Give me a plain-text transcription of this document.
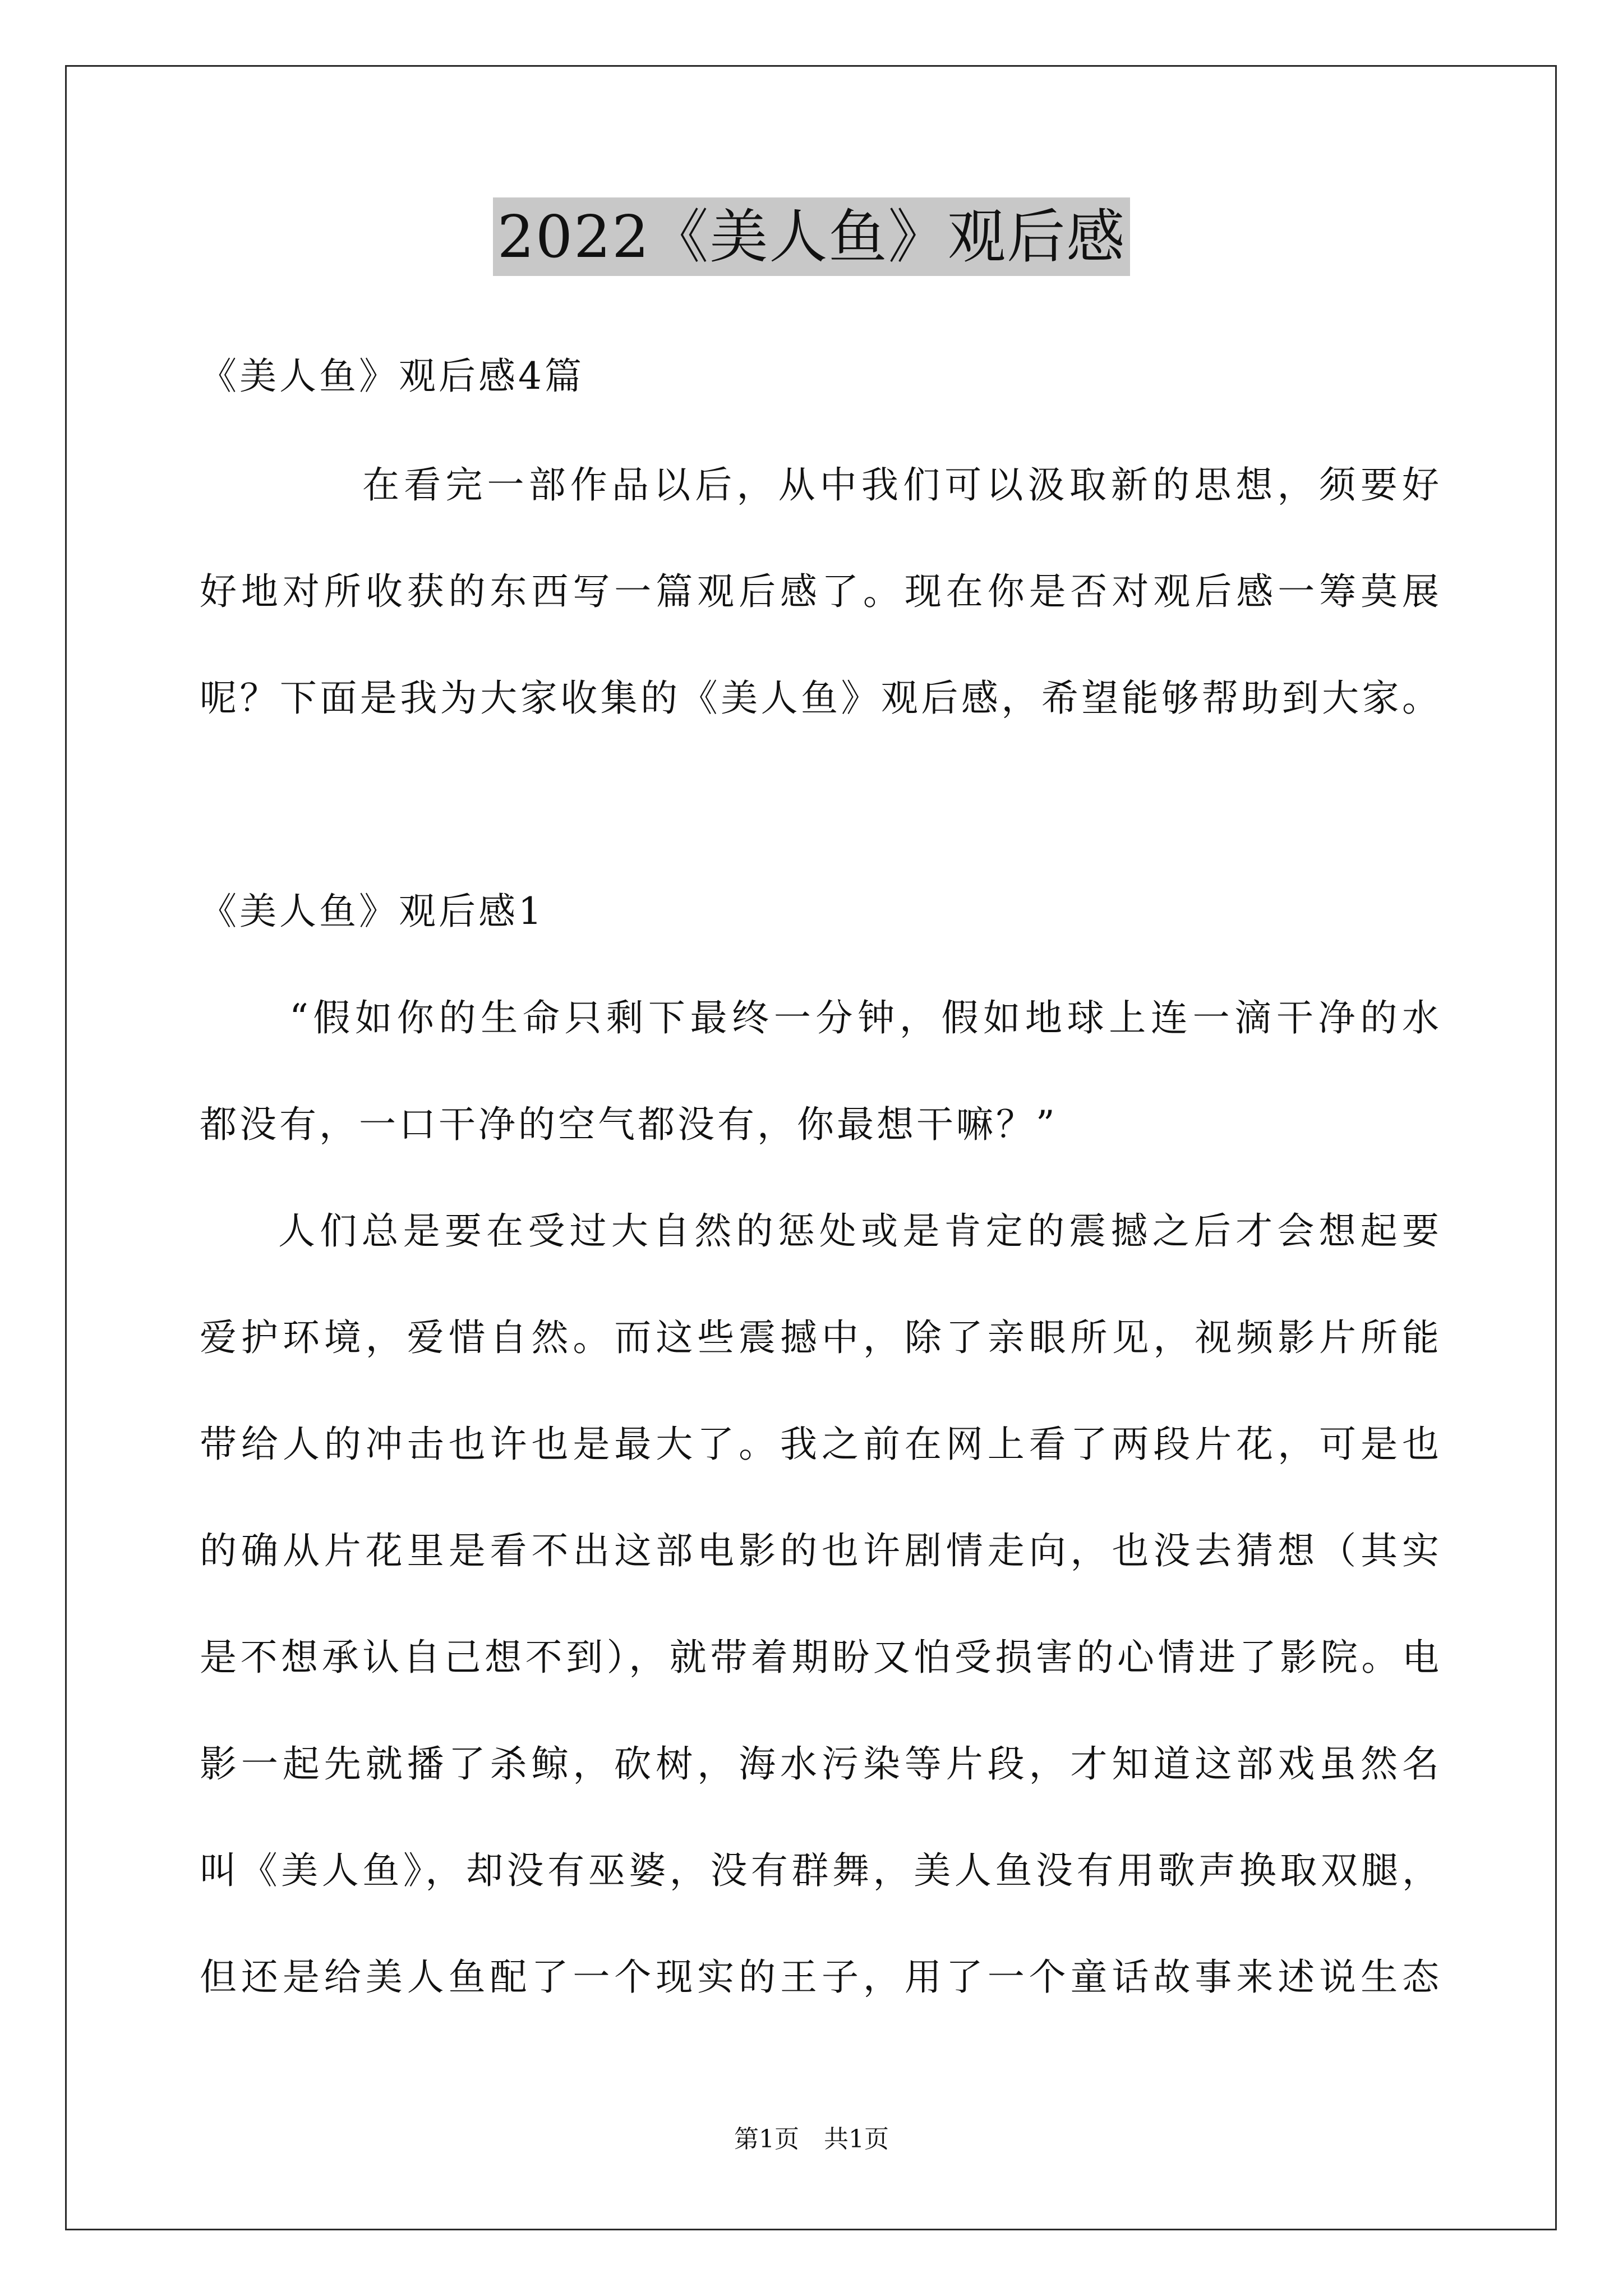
2022《美人鱼》观后感
《美人鱼》观后感4篇
在看完一部作品以后，从中我们可以汲取新的思想，须要好
好地对所收获的东西写一篇观后感了。现在你是否对观后感一筹莫展
呢？下面是我为大家收集的《美人鱼》观后感，希望能够帮助到大家。
《美人鱼》观后感1
“假如你的生命只剩下最终一分钟，假如地球上连一滴干净的水
都没有，一口干净的空气都没有，你最想干嘛？”
人们总是要在受过大自然的惩处或是肯定的震撼之后才会想起要
爱护环境，爱惜自然。而这些震撼中，除了亲眼所见，视频影片所能
带给人的冲击也许也是最大了。我之前在网上看了两段片花，可是也
的确从片花里是看不出这部电影的也许剧情走向，也没去猜想（其实
是不想承认自己想不到），就带着期盼又怕受损害的心情进了影院。电
影一起先就播了杀鲸，砍树，海水污染等片段，才知道这部戏虽然名
叫《美人鱼》，却没有巫婆，没有群舞，美人鱼没有用歌声换取双腿，
但还是给美人鱼配了一个现实的王子，用了一个童话故事来述说生态
第1页　共1页
